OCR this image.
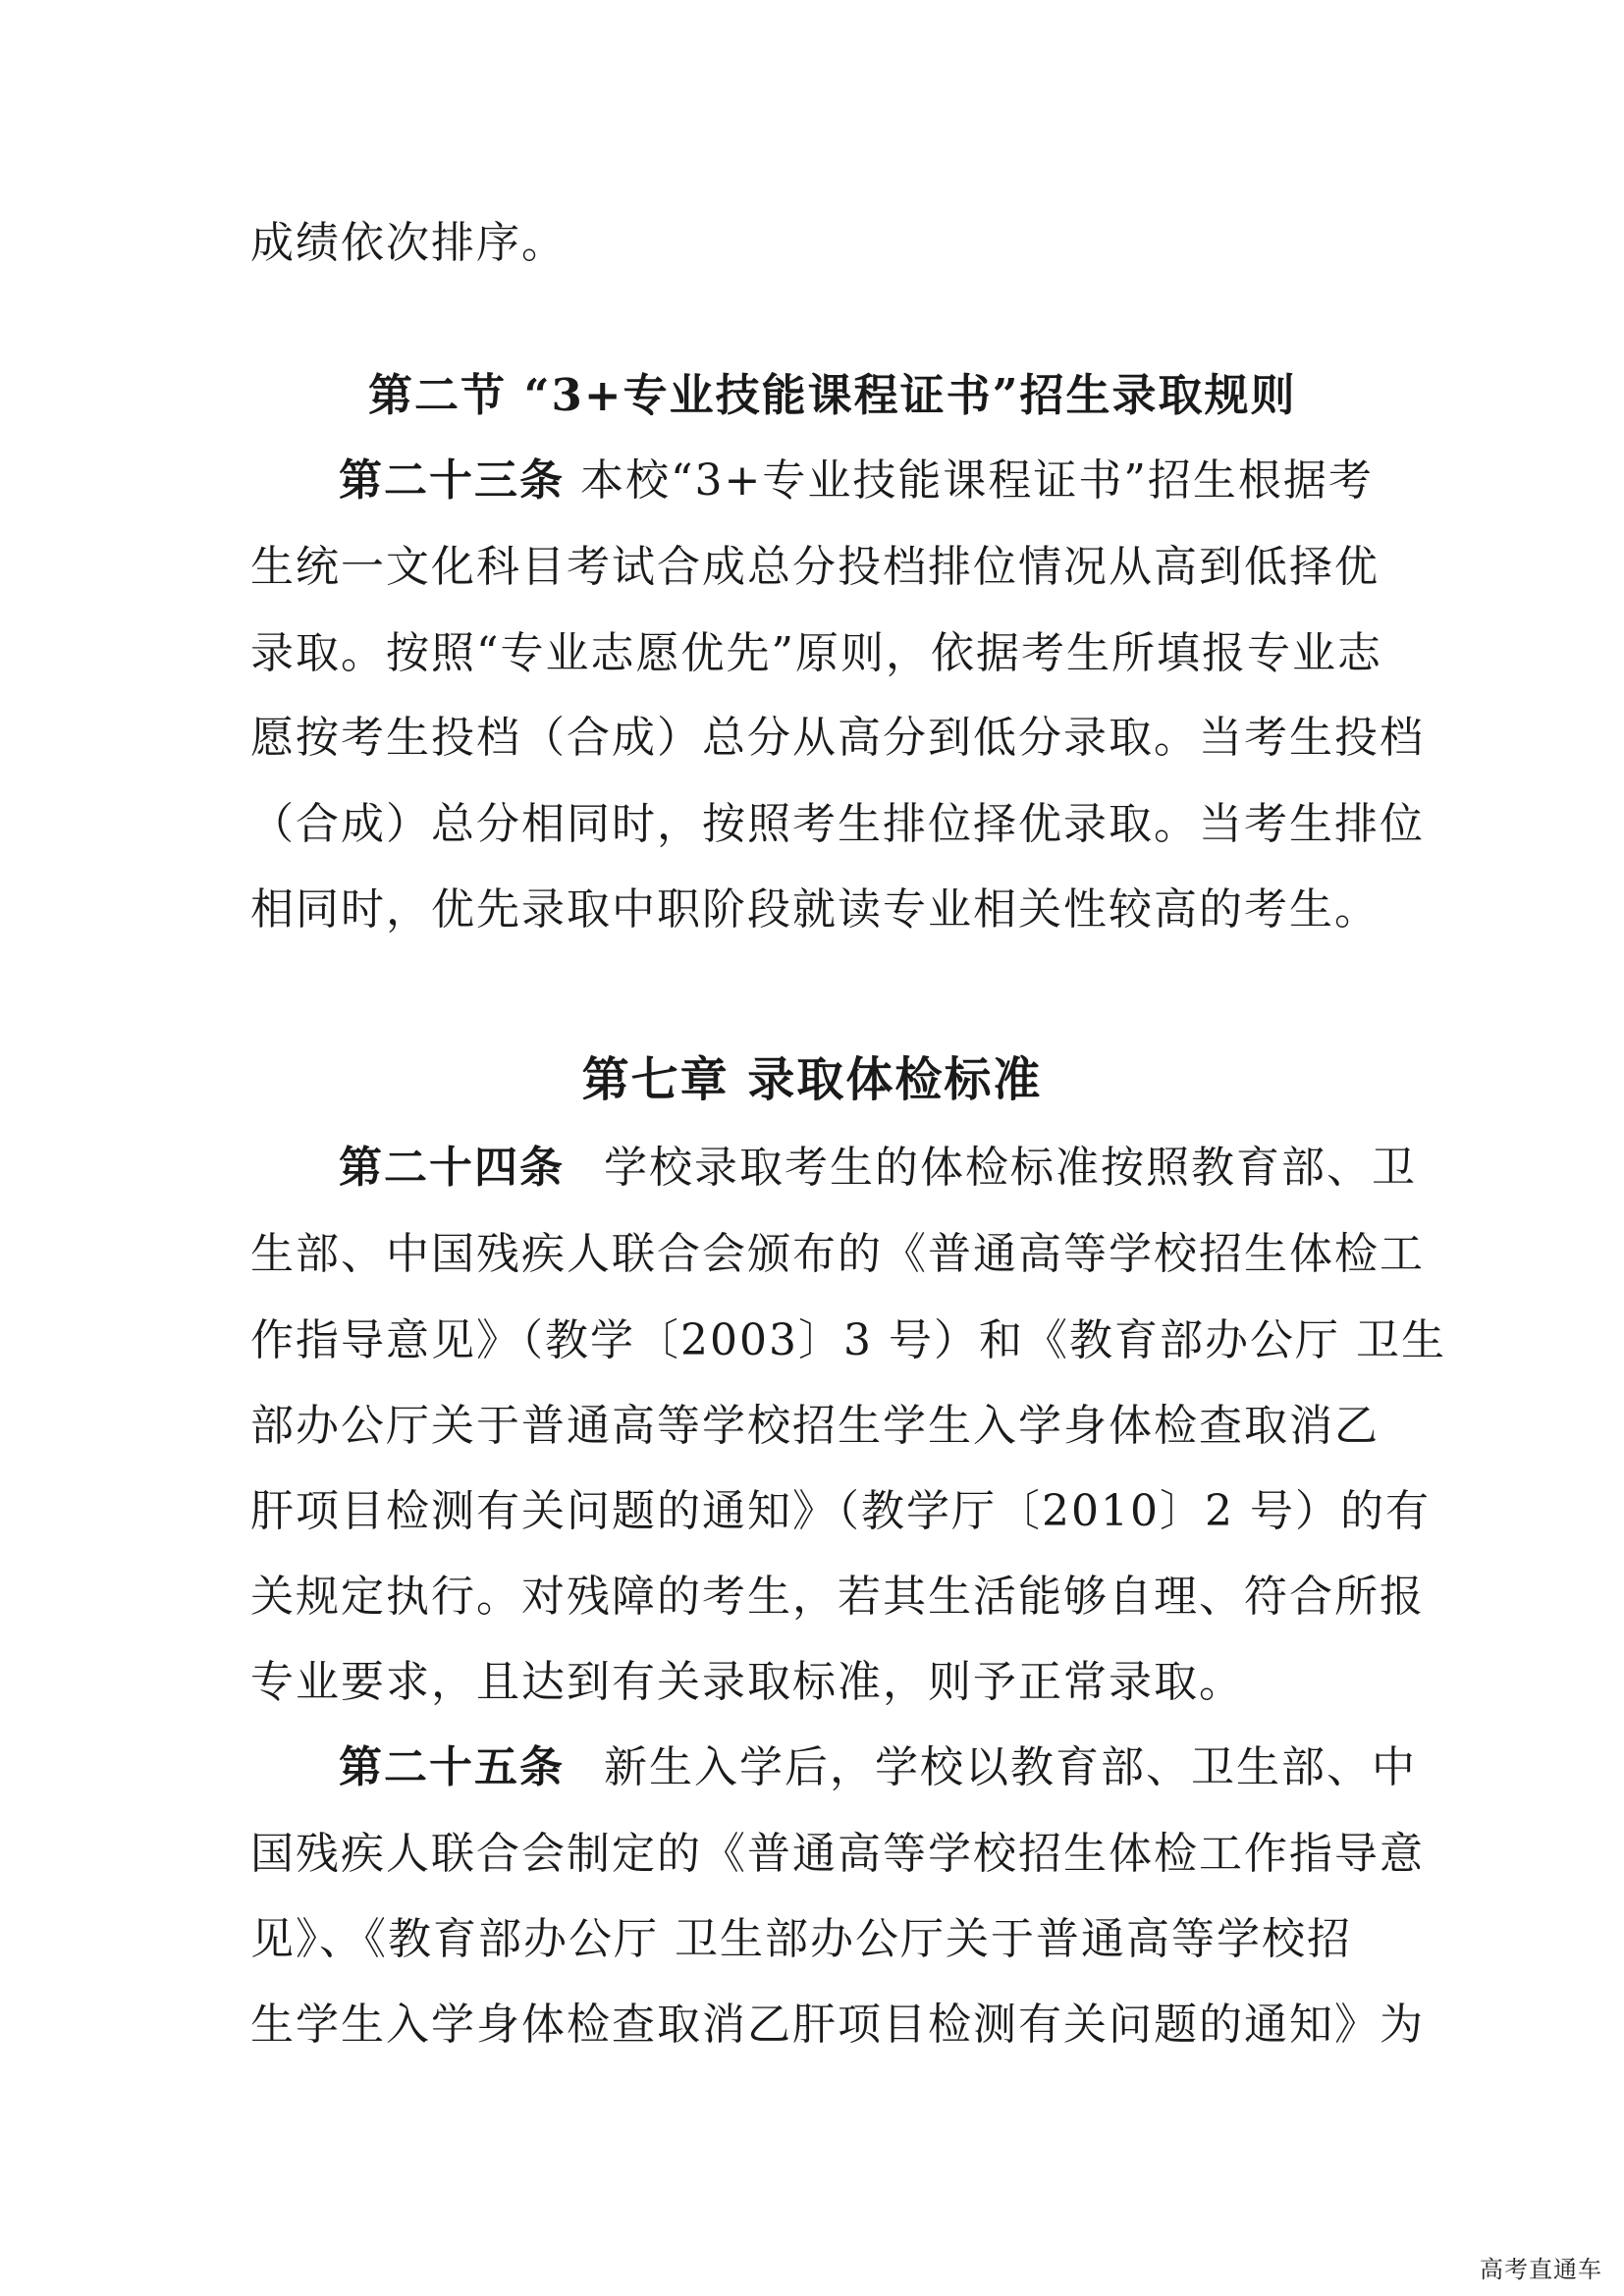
成绩依次排序。
第二节 “3+专业技能课程证书”招生录取规则
第二十三条 本校“3+专业技能课程证书”招生根据考
生统一文化科目考试合成总分投档排位情况从高到低择优
录取。按照“专业志愿优先”原则，依据考生所填报专业志
愿按考生投档（合成）总分从高分到低分录取。当考生投档
（合成）总分相同时，按照考生排位择优录取。当考生排位
相同时，优先录取中职阶段就读专业相关性较高的考生。
第七章 录取体检标准
第二十四条 学校录取考生的体检标准按照教育部、卫
生部、中国残疾人联合会颁布的《普通高等学校招生体检工
作指导意见》（教学〔2003〕3 号）和《教育部办公厅 卫生
部办公厅关于普通高等学校招生学生入学身体检查取消乙
肝项目检测有关问题的通知》（教学厅〔2010〕2 号）的有
关规定执行。对残障的考生，若其生活能够自理、符合所报
专业要求，且达到有关录取标准，则予正常录取。
第二十五条 新生入学后，学校以教育部、卫生部、中
国残疾人联合会制定的《普通高等学校招生体检工作指导意
见》、《教育部办公厅 卫生部办公厅关于普通高等学校招
生学生入学身体检查取消乙肝项目检测有关问题的通知》为
高考直通车
